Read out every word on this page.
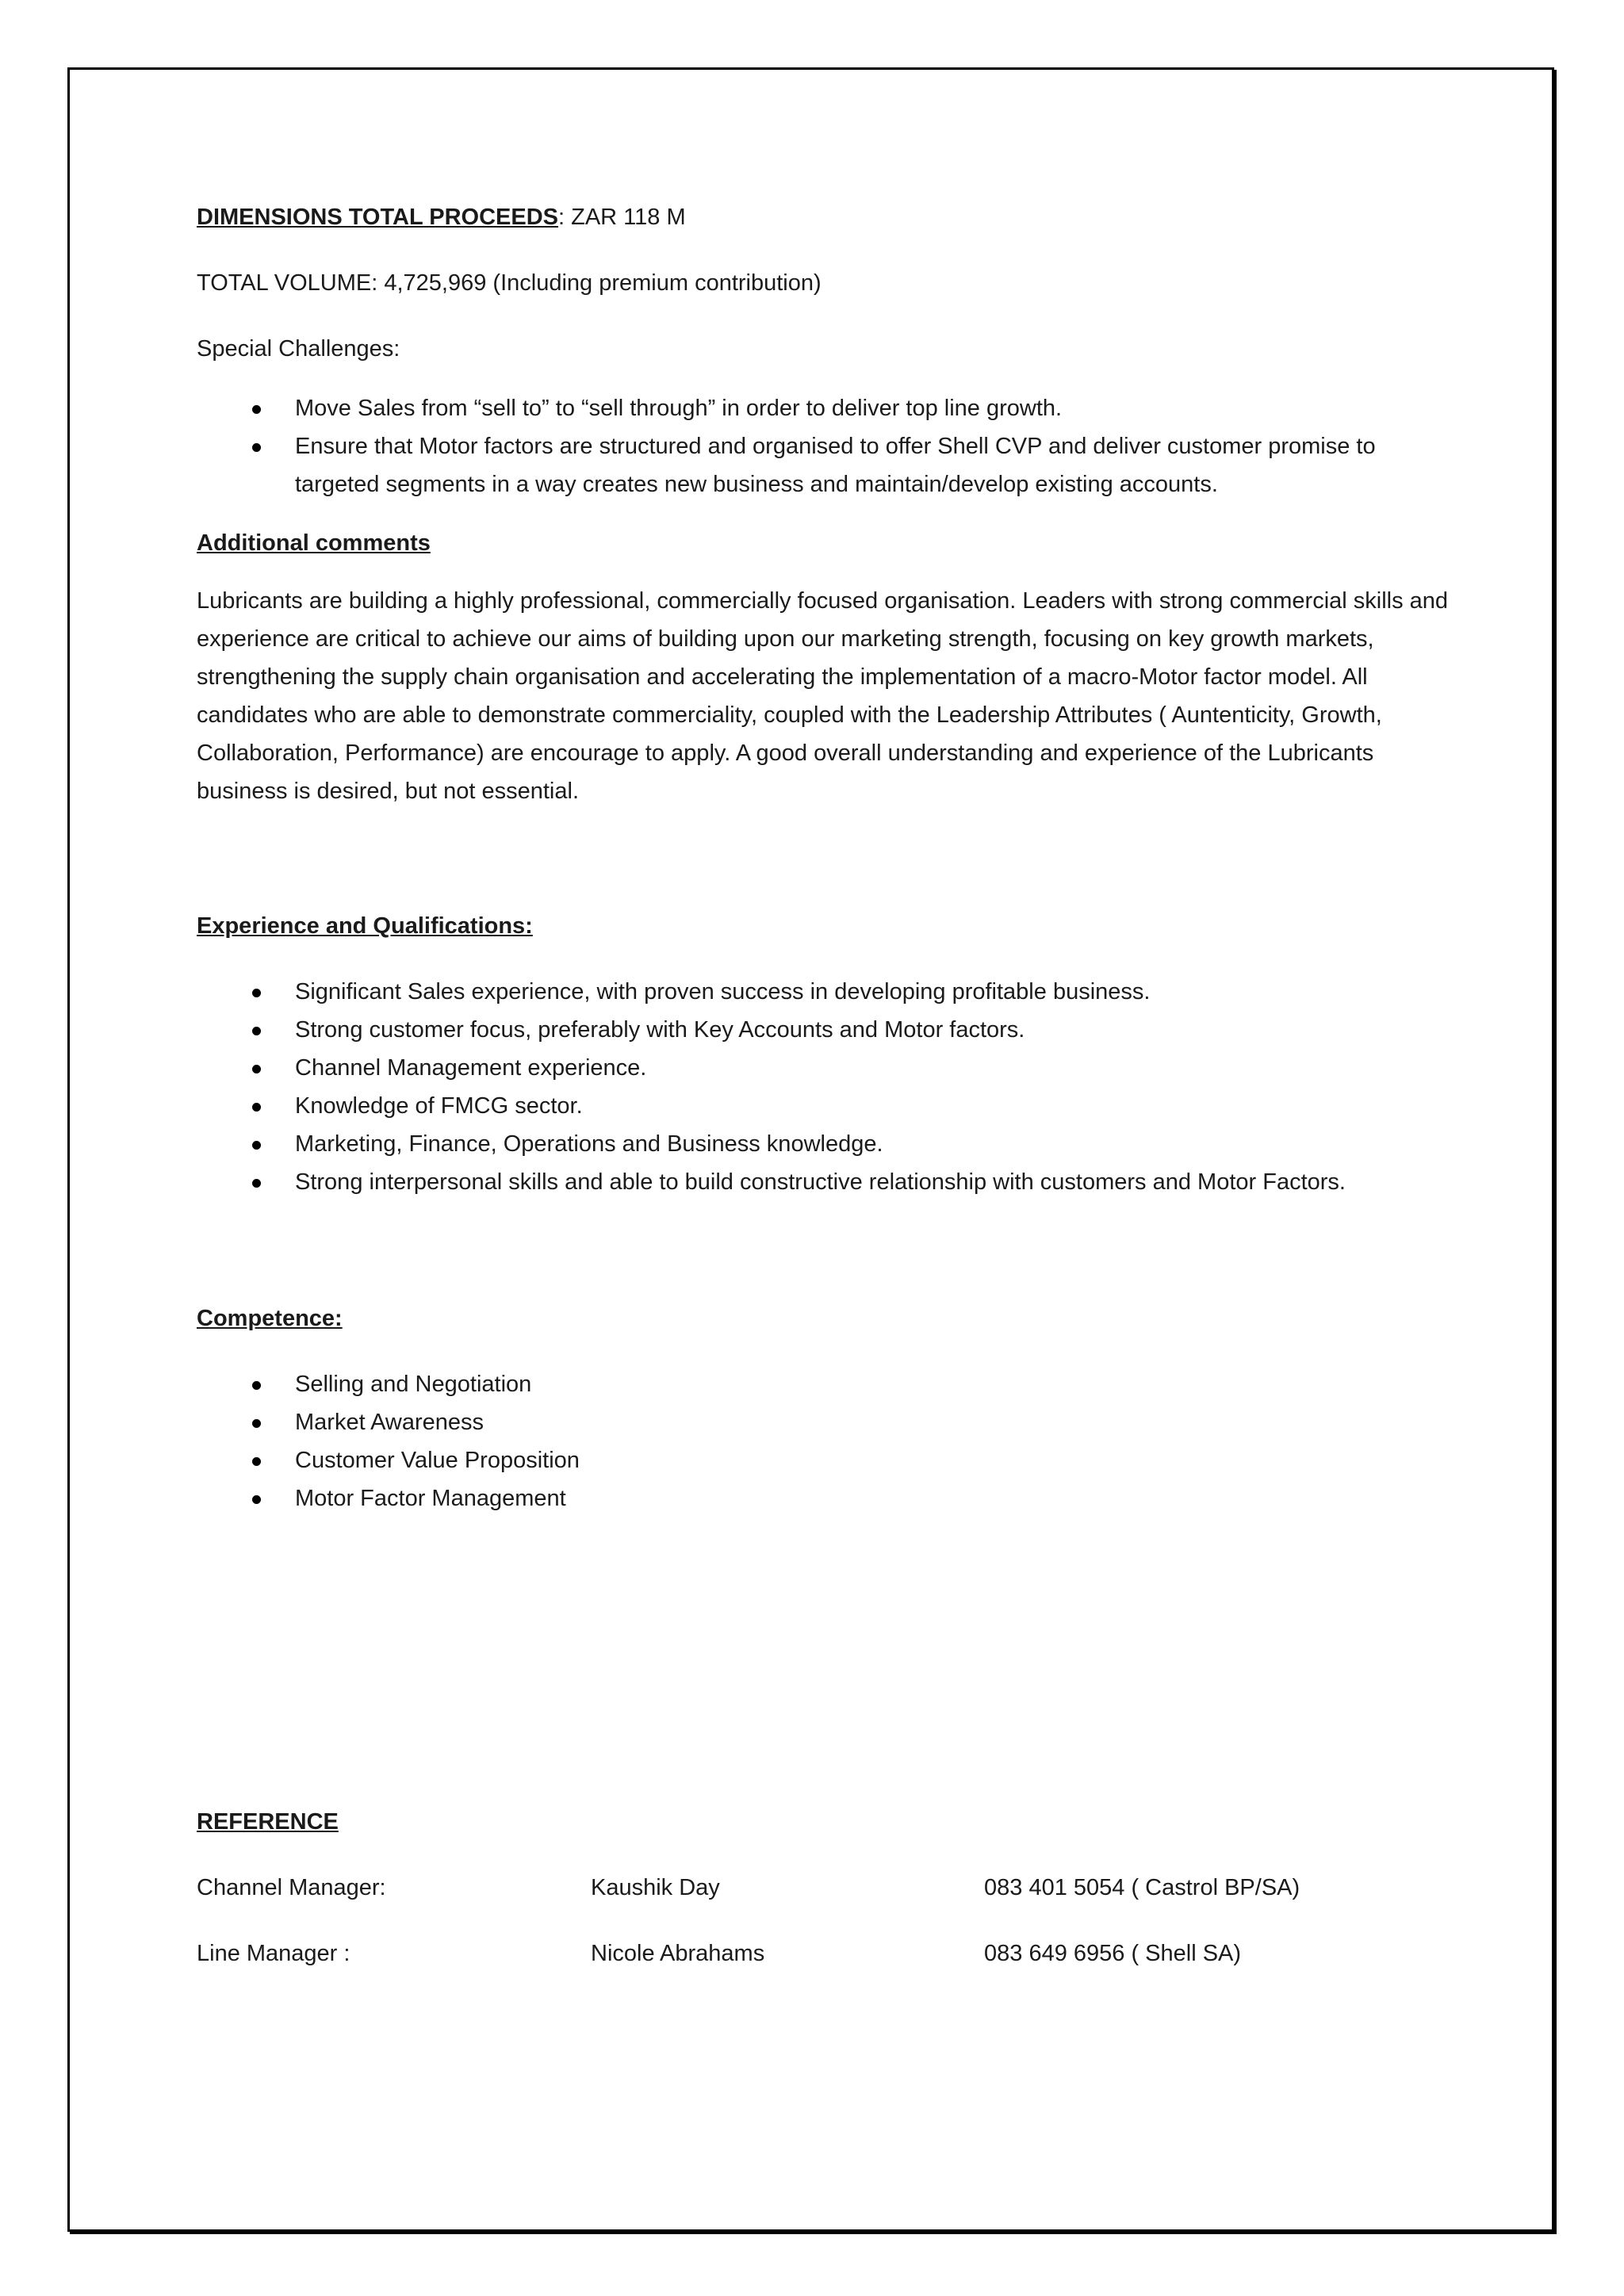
DIMENSIONS TOTAL PROCEEDS: ZAR 118 M
TOTAL VOLUME: 4,725,969 (Including premium contribution)
Special Challenges:
Move Sales from “sell to” to “sell through” in order to deliver top line growth.
Ensure that Motor factors are structured and organised to offer Shell CVP and deliver customer promise to targeted segments in a way creates new business and maintain/develop existing accounts.
Additional comments
Lubricants are building a highly professional, commercially focused organisation. Leaders with strong commercial skills and experience are critical to achieve our aims of building upon our marketing strength, focusing on key growth markets, strengthening the supply chain organisation and accelerating the implementation of a macro-Motor factor model. All candidates who are able to demonstrate commerciality, coupled with the Leadership Attributes ( Auntenticity, Growth, Collaboration, Performance) are encourage to apply. A good overall understanding and experience of the Lubricants business is desired, but not essential.
Experience and Qualifications:
Significant Sales experience, with proven success in developing profitable business.
Strong customer focus, preferably with Key Accounts and Motor factors.
Channel Management experience.
Knowledge of FMCG sector.
Marketing, Finance, Operations and Business knowledge.
Strong interpersonal skills and able to build constructive relationship with customers and Motor Factors.
Competence:
Selling and Negotiation
Market Awareness
Customer Value Proposition
Motor Factor Management
REFERENCE
Channel Manager:	Kaushik Day	083 401 5054 ( Castrol BP/SA)
Line Manager :	Nicole Abrahams	083 649 6956 ( Shell SA)
